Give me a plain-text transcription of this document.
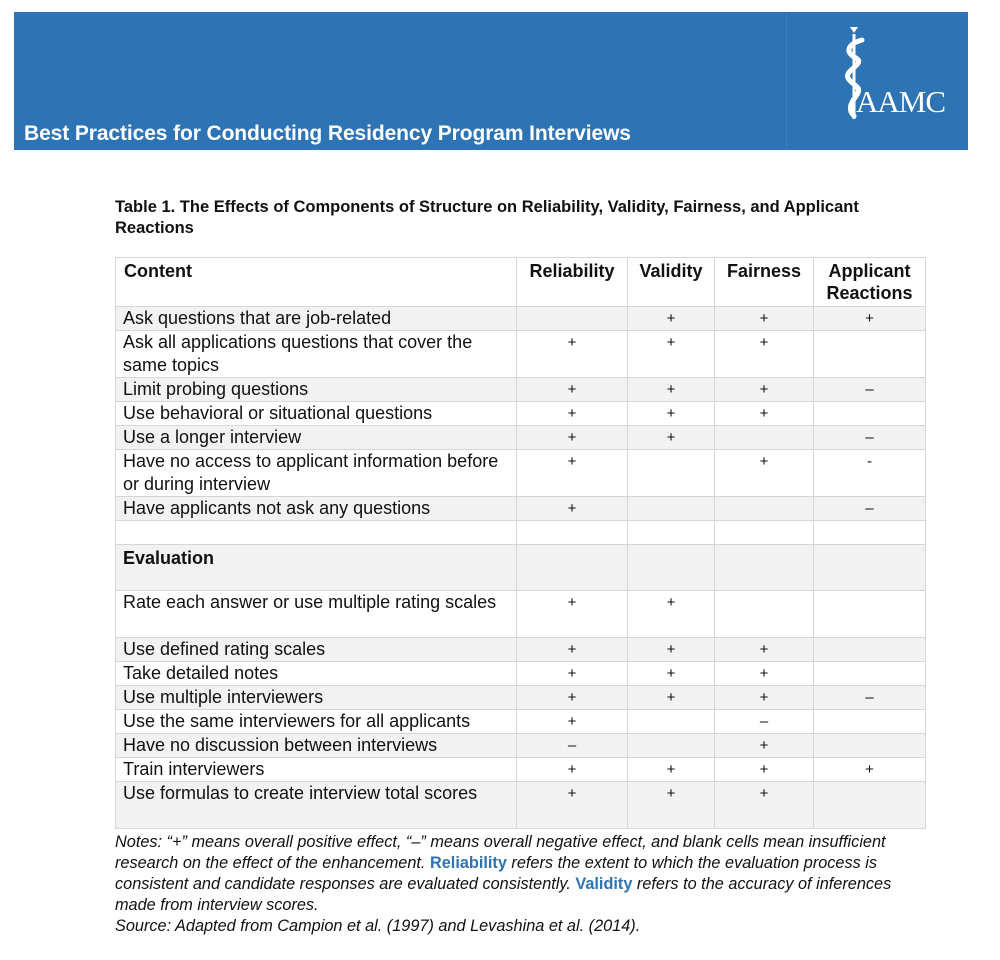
Best Practices for Conducting Residency Program Interviews
AAMC
Table 1. The Effects of Components of Structure on Reliability, Validity, Fairness, and Applicant Reactions
Content	Reliability	Validity	Fairness	Applicant Reactions
Ask questions that are job-related		+	+	+
Ask all applications questions that cover the same topics	+	+	+	
Limit probing questions	+	+	+	–
Use behavioral or situational questions	+	+	+	
Use a longer interview	+	+		–
Have no access to applicant information before or during interview	+		+	-
Have applicants not ask any questions	+			–

Evaluation				
Rate each answer or use multiple rating scales	+	+		
Use defined rating scales	+	+	+	
Take detailed notes	+	+	+	
Use multiple interviewers	+	+	+	–
Use the same interviewers for all applicants	+		–	
Have no discussion between interviews	–		+	
Train interviewers	+	+	+	+
Use formulas to create interview total scores	+	+	+	
Notes: “+” means overall positive effect, “–” means overall negative effect, and blank cells mean insufficient research on the effect of the enhancement. Reliability refers the extent to which the evaluation process is consistent and candidate responses are evaluated consistently. Validity refers to the accuracy of inferences made from interview scores.
Source: Adapted from Campion et al. (1997) and Levashina et al. (2014).
